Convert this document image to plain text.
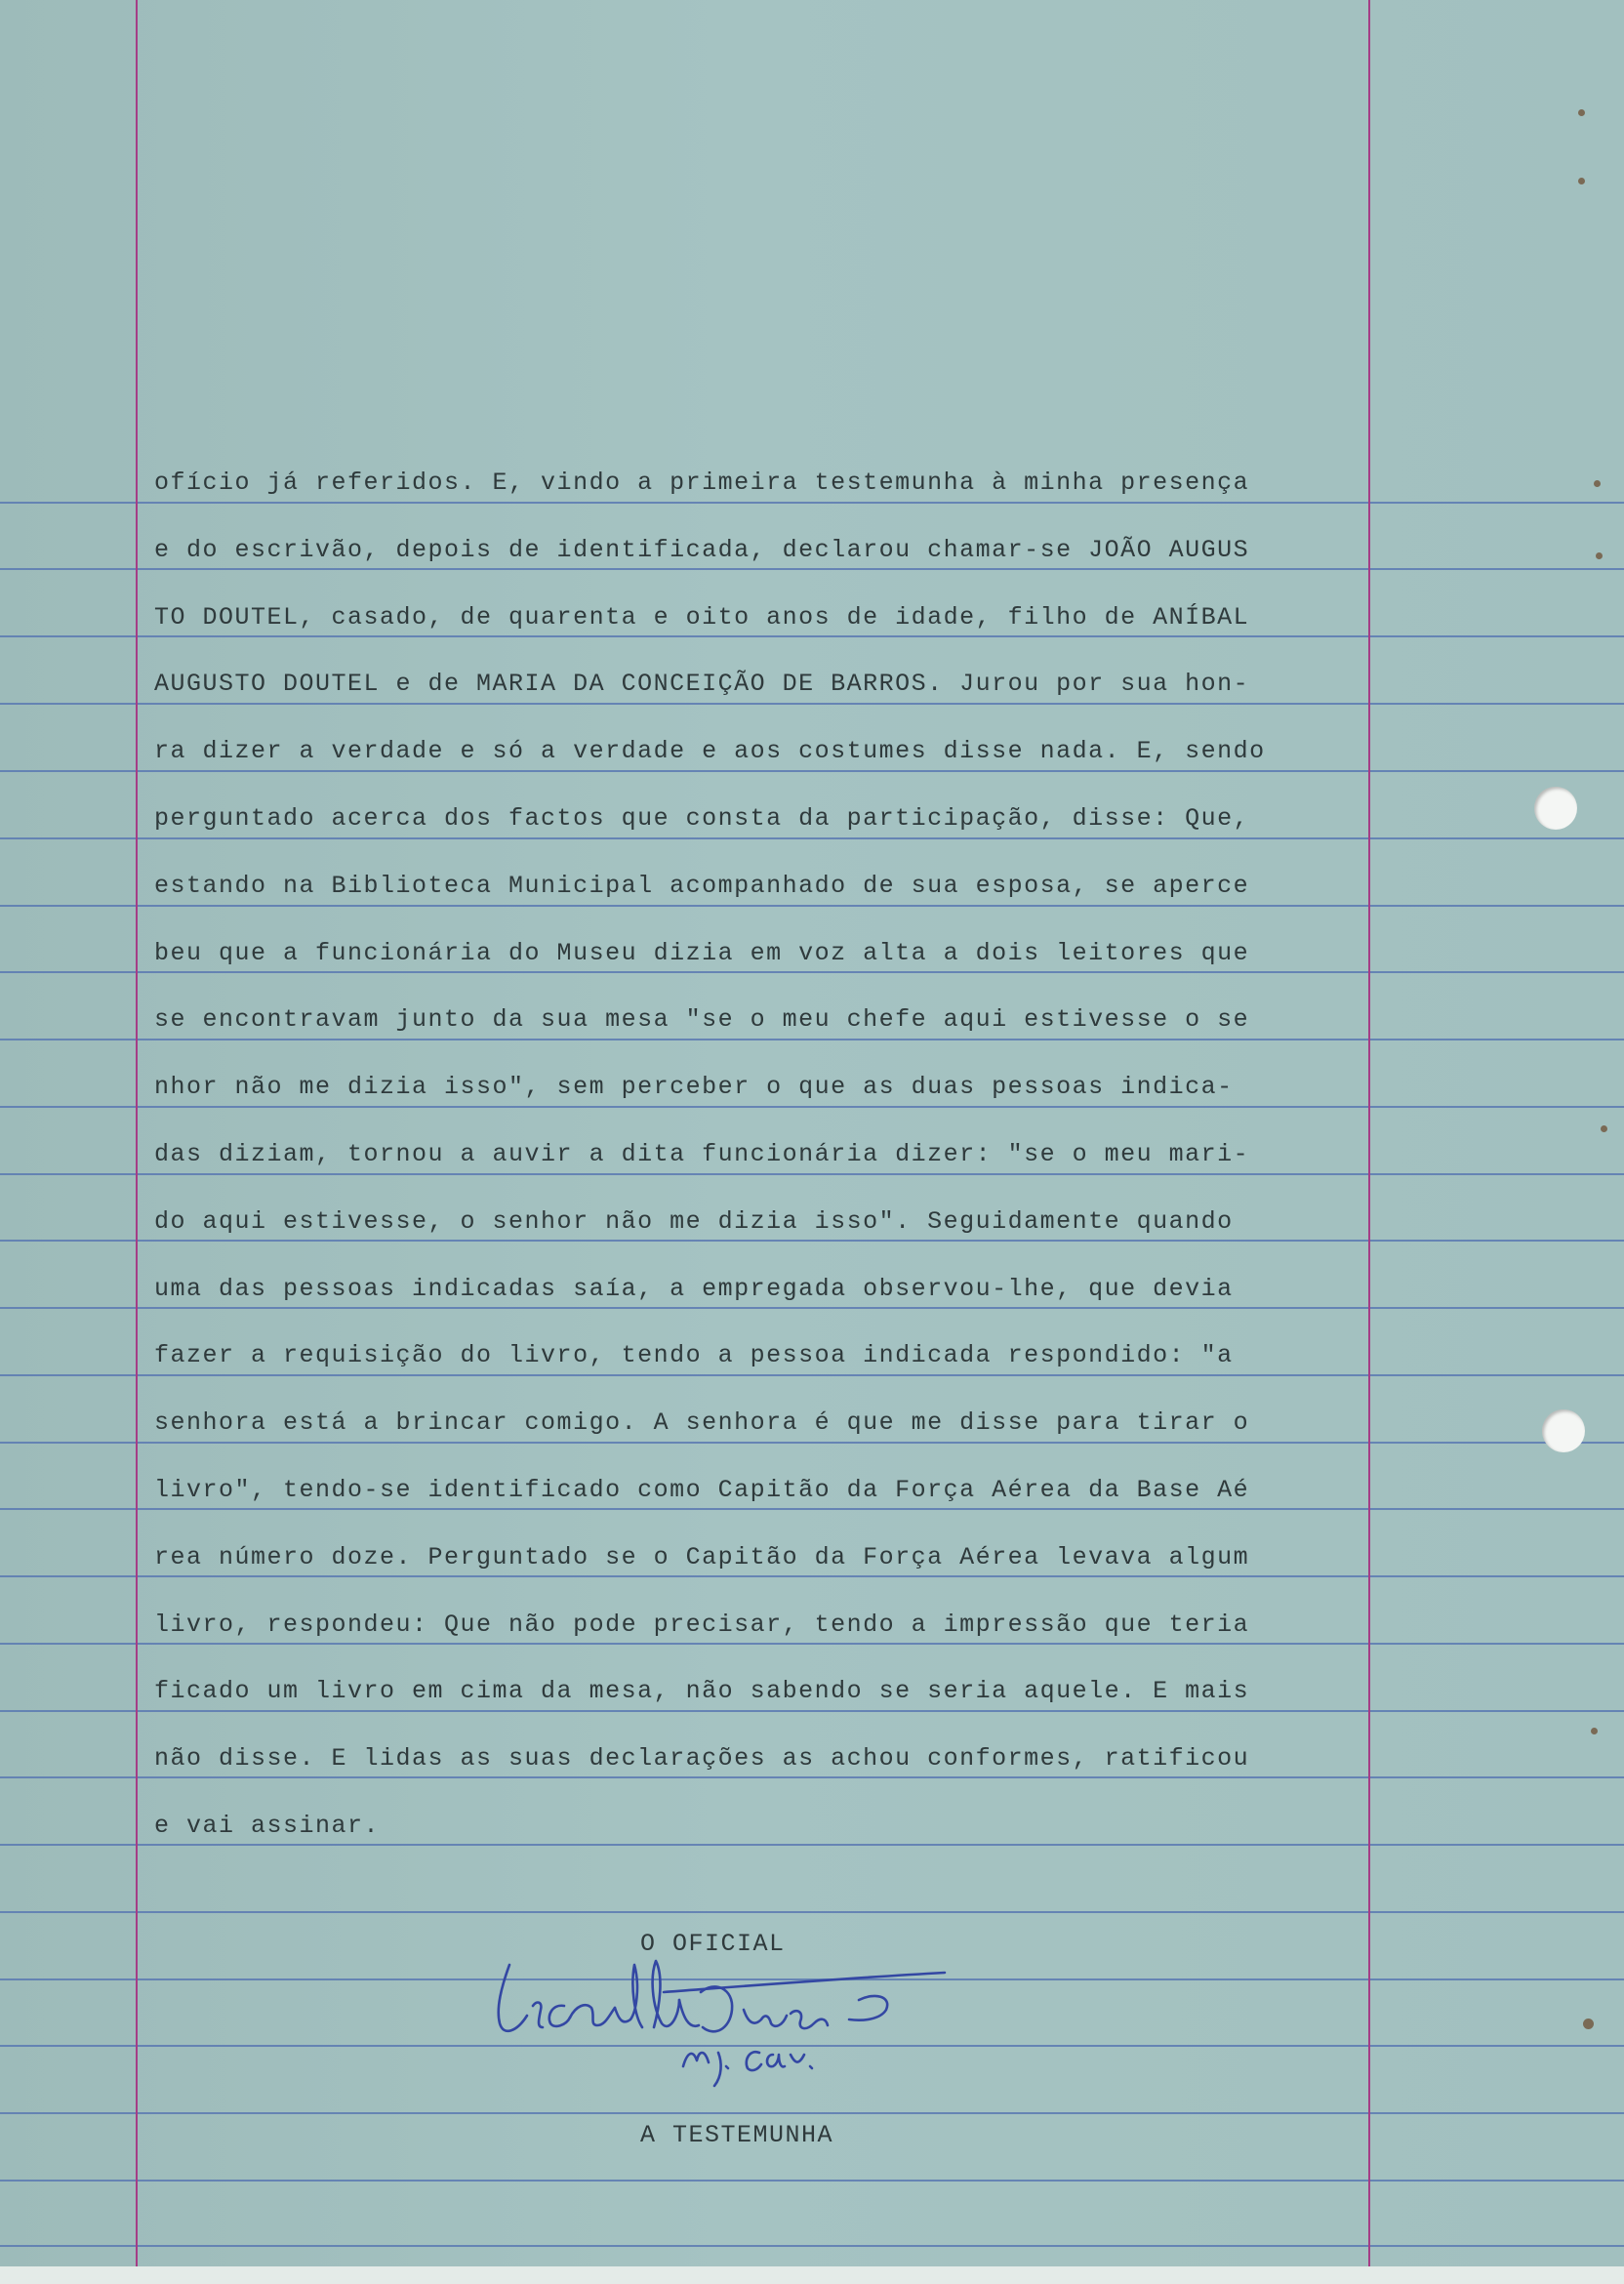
ofício já referidos. E, vindo a primeira testemunha à minha presença
e do escrivão, depois de identificada, declarou chamar-se JOÃO AUGUS
TO DOUTEL, casado, de quarenta e oito anos de idade, filho de ANÍBAL
AUGUSTO DOUTEL e de MARIA DA CONCEIÇÃO DE BARROS. Jurou por sua hon-
ra dizer a verdade e só a verdade e aos costumes disse nada. E, sendo
perguntado acerca dos factos que consta da participação, disse: Que,
estando na Biblioteca Municipal acompanhado de sua esposa, se aperce
beu que a funcionária do Museu dizia em voz alta a dois leitores que
se encontravam junto da sua mesa "se o meu chefe aqui estivesse o se
nhor não me dizia isso", sem perceber o que as duas pessoas indica-
das diziam, tornou a auvir a dita funcionária dizer: "se o meu mari-
do aqui estivesse, o senhor não me dizia isso". Seguidamente quando
uma das pessoas indicadas saía, a empregada observou-lhe, que devia
fazer a requisição do livro, tendo a pessoa indicada respondido: "a
senhora está a brincar comigo. A senhora é que me disse para tirar o
livro", tendo-se identificado como Capitão da Força Aérea da Base Aé
rea número doze. Perguntado se o Capitão da Força Aérea levava algum
livro, respondeu: Que não pode precisar, tendo a impressão que teria
ficado um livro em cima da mesa, não sabendo se seria aquele. E mais
não disse. E lidas as suas declarações as achou conformes, ratificou
e vai assinar.
O OFICIAL
A TESTEMUNHA
